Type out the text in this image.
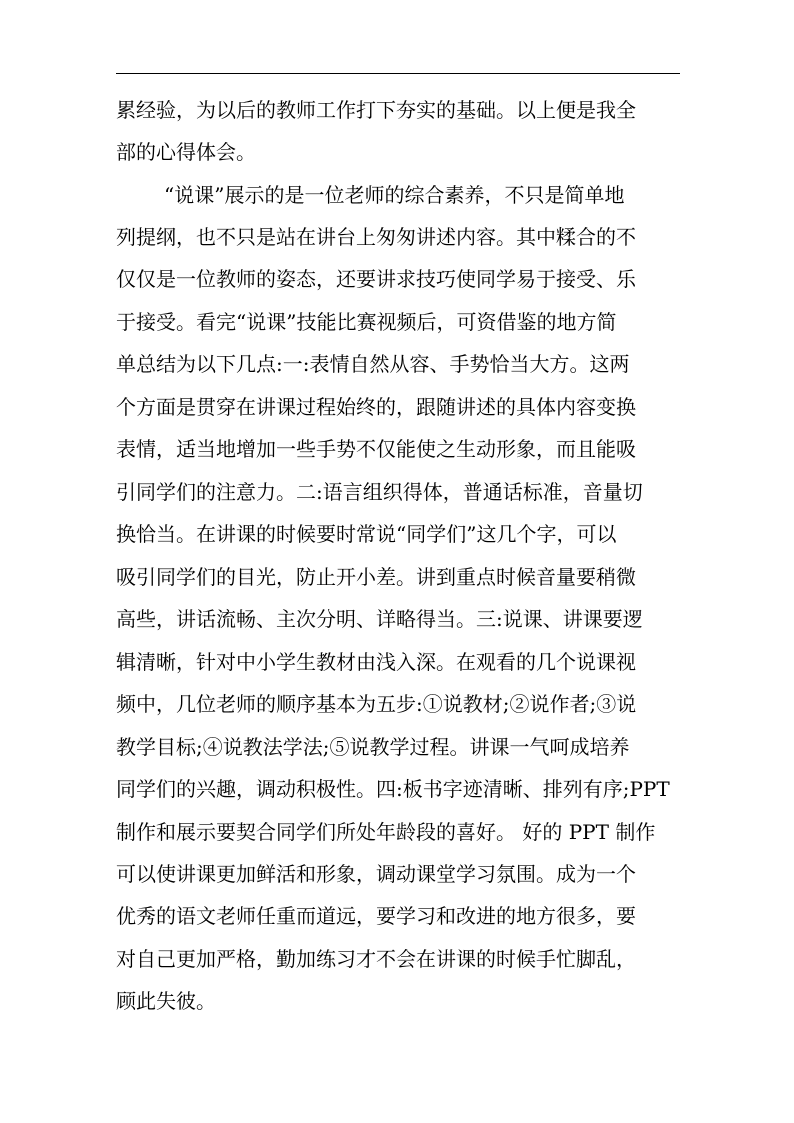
累经验，为以后的教师工作打下夯实的基础。以上便是我全

部的心得体会。

“说课”展示的是一位老师的综合素养，不只是简单地

列提纲，也不只是站在讲台上匆匆讲述内容。其中糅合的不

仅仅是一位教师的姿态，还要讲求技巧使同学易于接受、乐

于接受。看完“说课”技能比赛视频后，可资借鉴的地方简

单总结为以下几点:一:表情自然从容、手势恰当大方。这两

个方面是贯穿在讲课过程始终的，跟随讲述的具体内容变换

表情，适当地增加一些手势不仅能使之生动形象，而且能吸

引同学们的注意力。二:语言组织得体，普通话标准，音量切

换恰当。在讲课的时候要时常说“同学们”这几个字，可以

吸引同学们的目光，防止开小差。讲到重点时候音量要稍微

高些，讲话流畅、主次分明、详略得当。三:说课、讲课要逻

辑清晰，针对中小学生教材由浅入深。在观看的几个说课视

频中，几位老师的顺序基本为五步:①说教材;②说作者;③说

教学目标;④说教法学法;⑤说教学过程。讲课一气呵成培养

同学们的兴趣，调动积极性。四:板书字迹清晰、排列有序;PPT

制作和展示要契合同学们所处年龄段的喜好。 好的 PPT 制作

可以使讲课更加鲜活和形象，调动课堂学习氛围。成为一个

优秀的语文老师任重而道远，要学习和改进的地方很多，要

对自己更加严格，勤加练习才不会在讲课的时候手忙脚乱，

顾此失彼。
